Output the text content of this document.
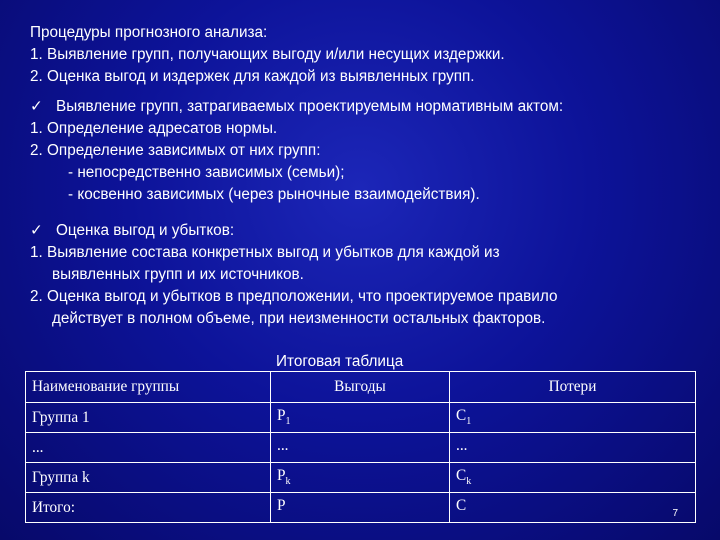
Процедуры прогнозного анализа:

1. Выявление групп, получающих выгоду и/или несущих издержки.

2. Оценка выгод и издержек для каждой из выявленных групп.

✓ Выявление групп, затрагиваемых проектируемым нормативным актом:

1. Определение адресатов нормы.

2. Определение зависимых от них групп:

- непосредственно зависимых (семьи);

- косвенно зависимых (через рыночные взаимодействия).

✓ Оценка выгод и убытков:

1. Выявление состава конкретных выгод и убытков для каждой из

выявленных групп и их источников.

2. Оценка выгод и убытков в предположении, что проектируемое правило

действует в полном объеме, при неизменности остальных факторов.

Итоговая таблица
Наименование группы	Выгоды	Потери
Группа 1	$P_1$	$C_1$
...	...	...
Группа k	$P_k$	$C_k$
Итого:	P	C	7
